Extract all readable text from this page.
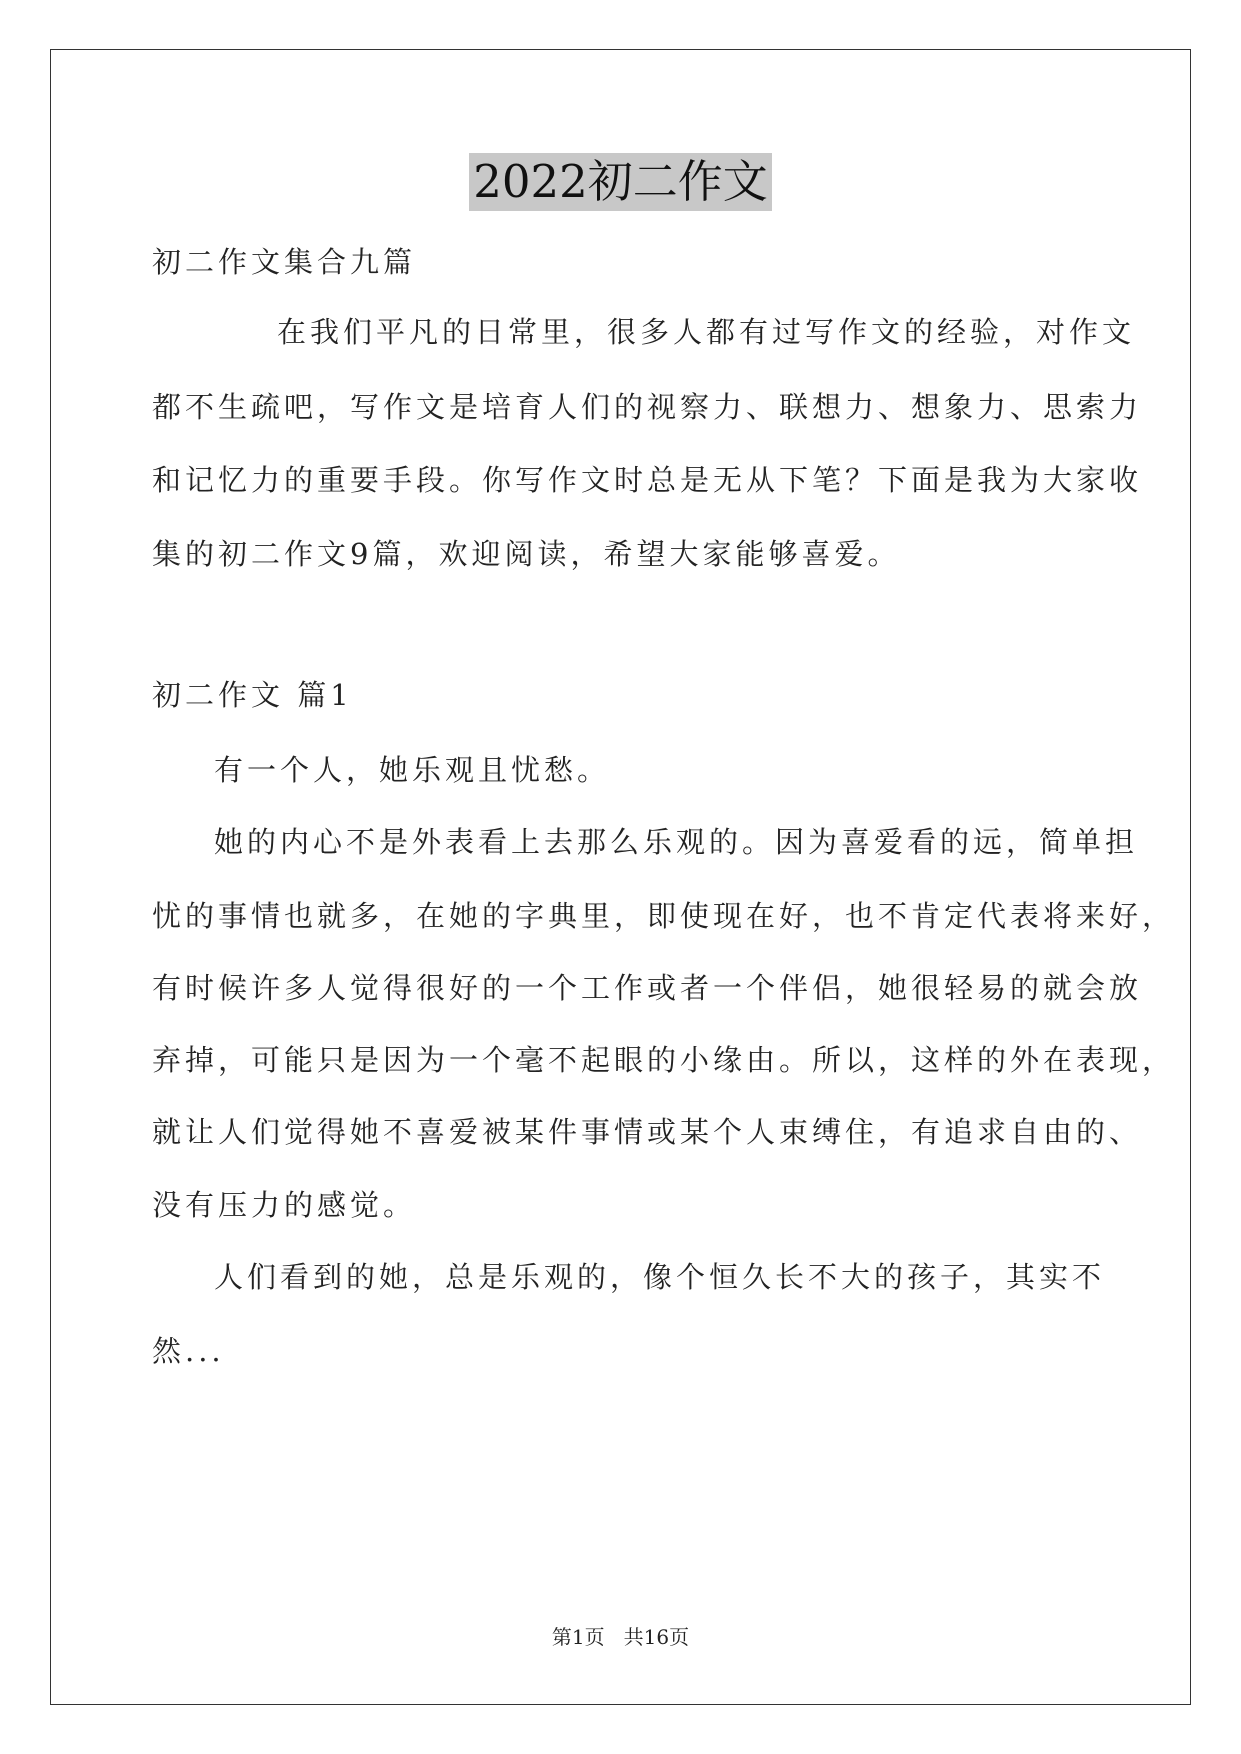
2022初二作文
初二作文集合九篇
在我们平凡的日常里，很多人都有过写作文的经验，对作文
都不生疏吧，写作文是培育人们的视察力、联想力、想象力、思索力
和记忆力的重要手段。你写作文时总是无从下笔？下面是我为大家收
集的初二作文9篇，欢迎阅读，希望大家能够喜爱。
初二作文 篇1
有一个人，她乐观且忧愁。
她的内心不是外表看上去那么乐观的。因为喜爱看的远，简单担
忧的事情也就多，在她的字典里，即使现在好，也不肯定代表将来好，
有时候许多人觉得很好的一个工作或者一个伴侣，她很轻易的就会放
弃掉，可能只是因为一个毫不起眼的小缘由。所以，这样的外在表现，
就让人们觉得她不喜爱被某件事情或某个人束缚住，有追求自由的、
没有压力的感觉。
人们看到的她，总是乐观的，像个恒久长不大的孩子，其实不
然...
第1页   共16页
